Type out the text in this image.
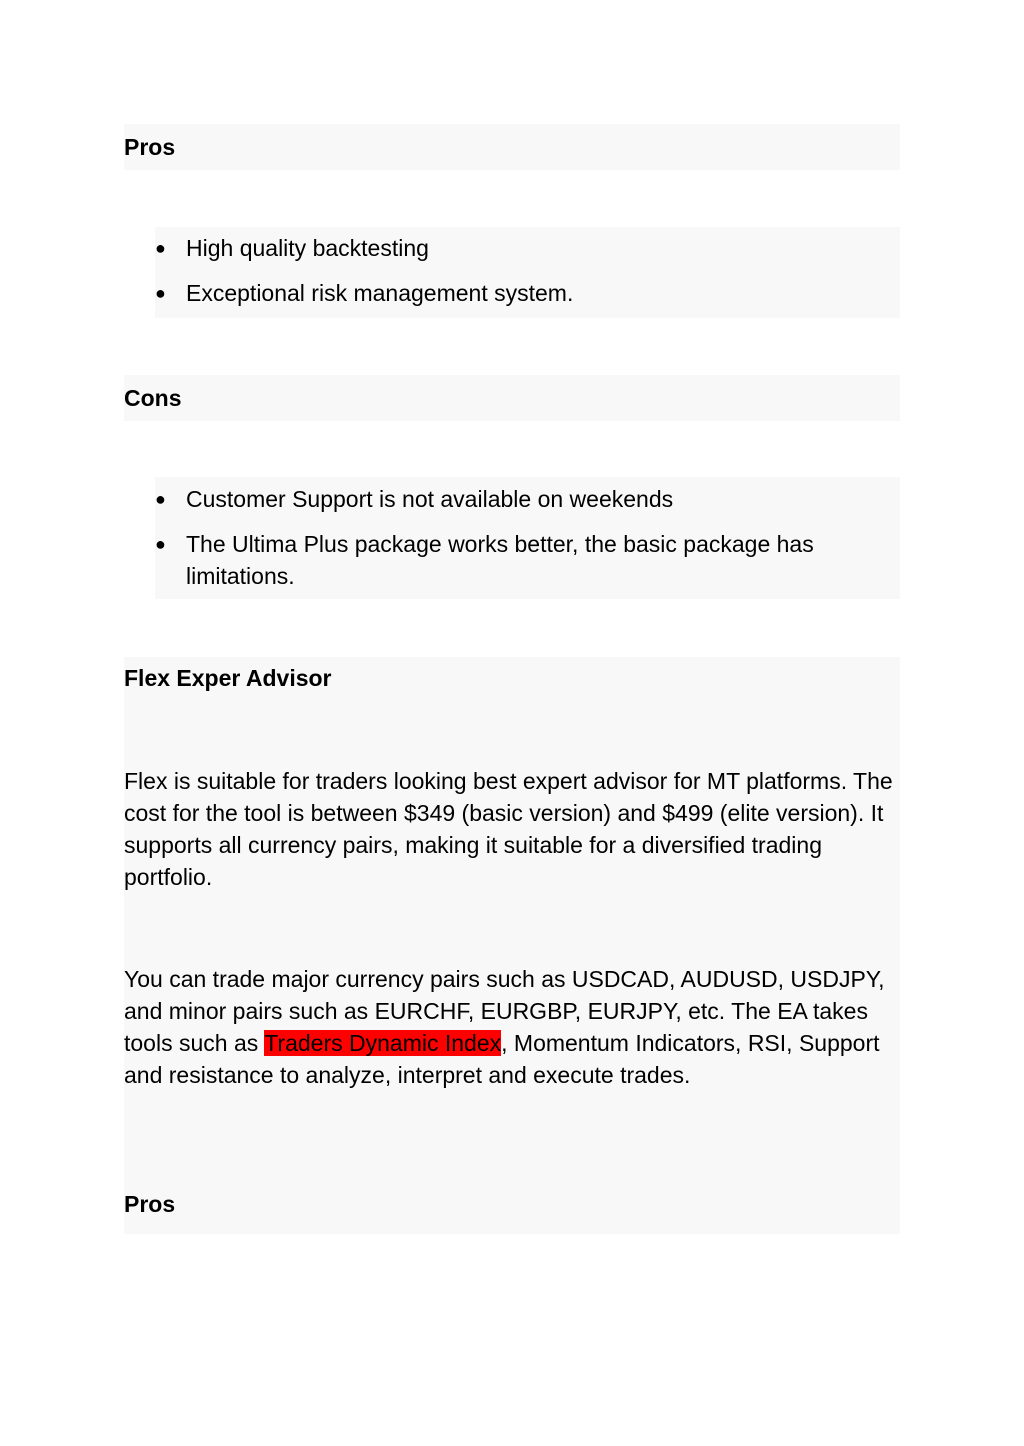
Pros
● High quality backtesting
● Exceptional risk management system.
Cons
● Customer Support is not available on weekends
● The Ultima Plus package works better, the basic package has limitations.
Flex Exper Advisor

Flex is suitable for traders looking best expert advisor for MT platforms. The cost for the tool is between $349 (basic version) and $499 (elite version). It supports all currency pairs, making it suitable for a diversified trading portfolio.

You can trade major currency pairs such as USDCAD, AUDUSD, USDJPY, and minor pairs such as EURCHF, EURGBP, EURJPY, etc. The EA takes tools such as Traders Dynamic Index, Momentum Indicators, RSI, Support and resistance to analyze, interpret and execute trades.

Pros
